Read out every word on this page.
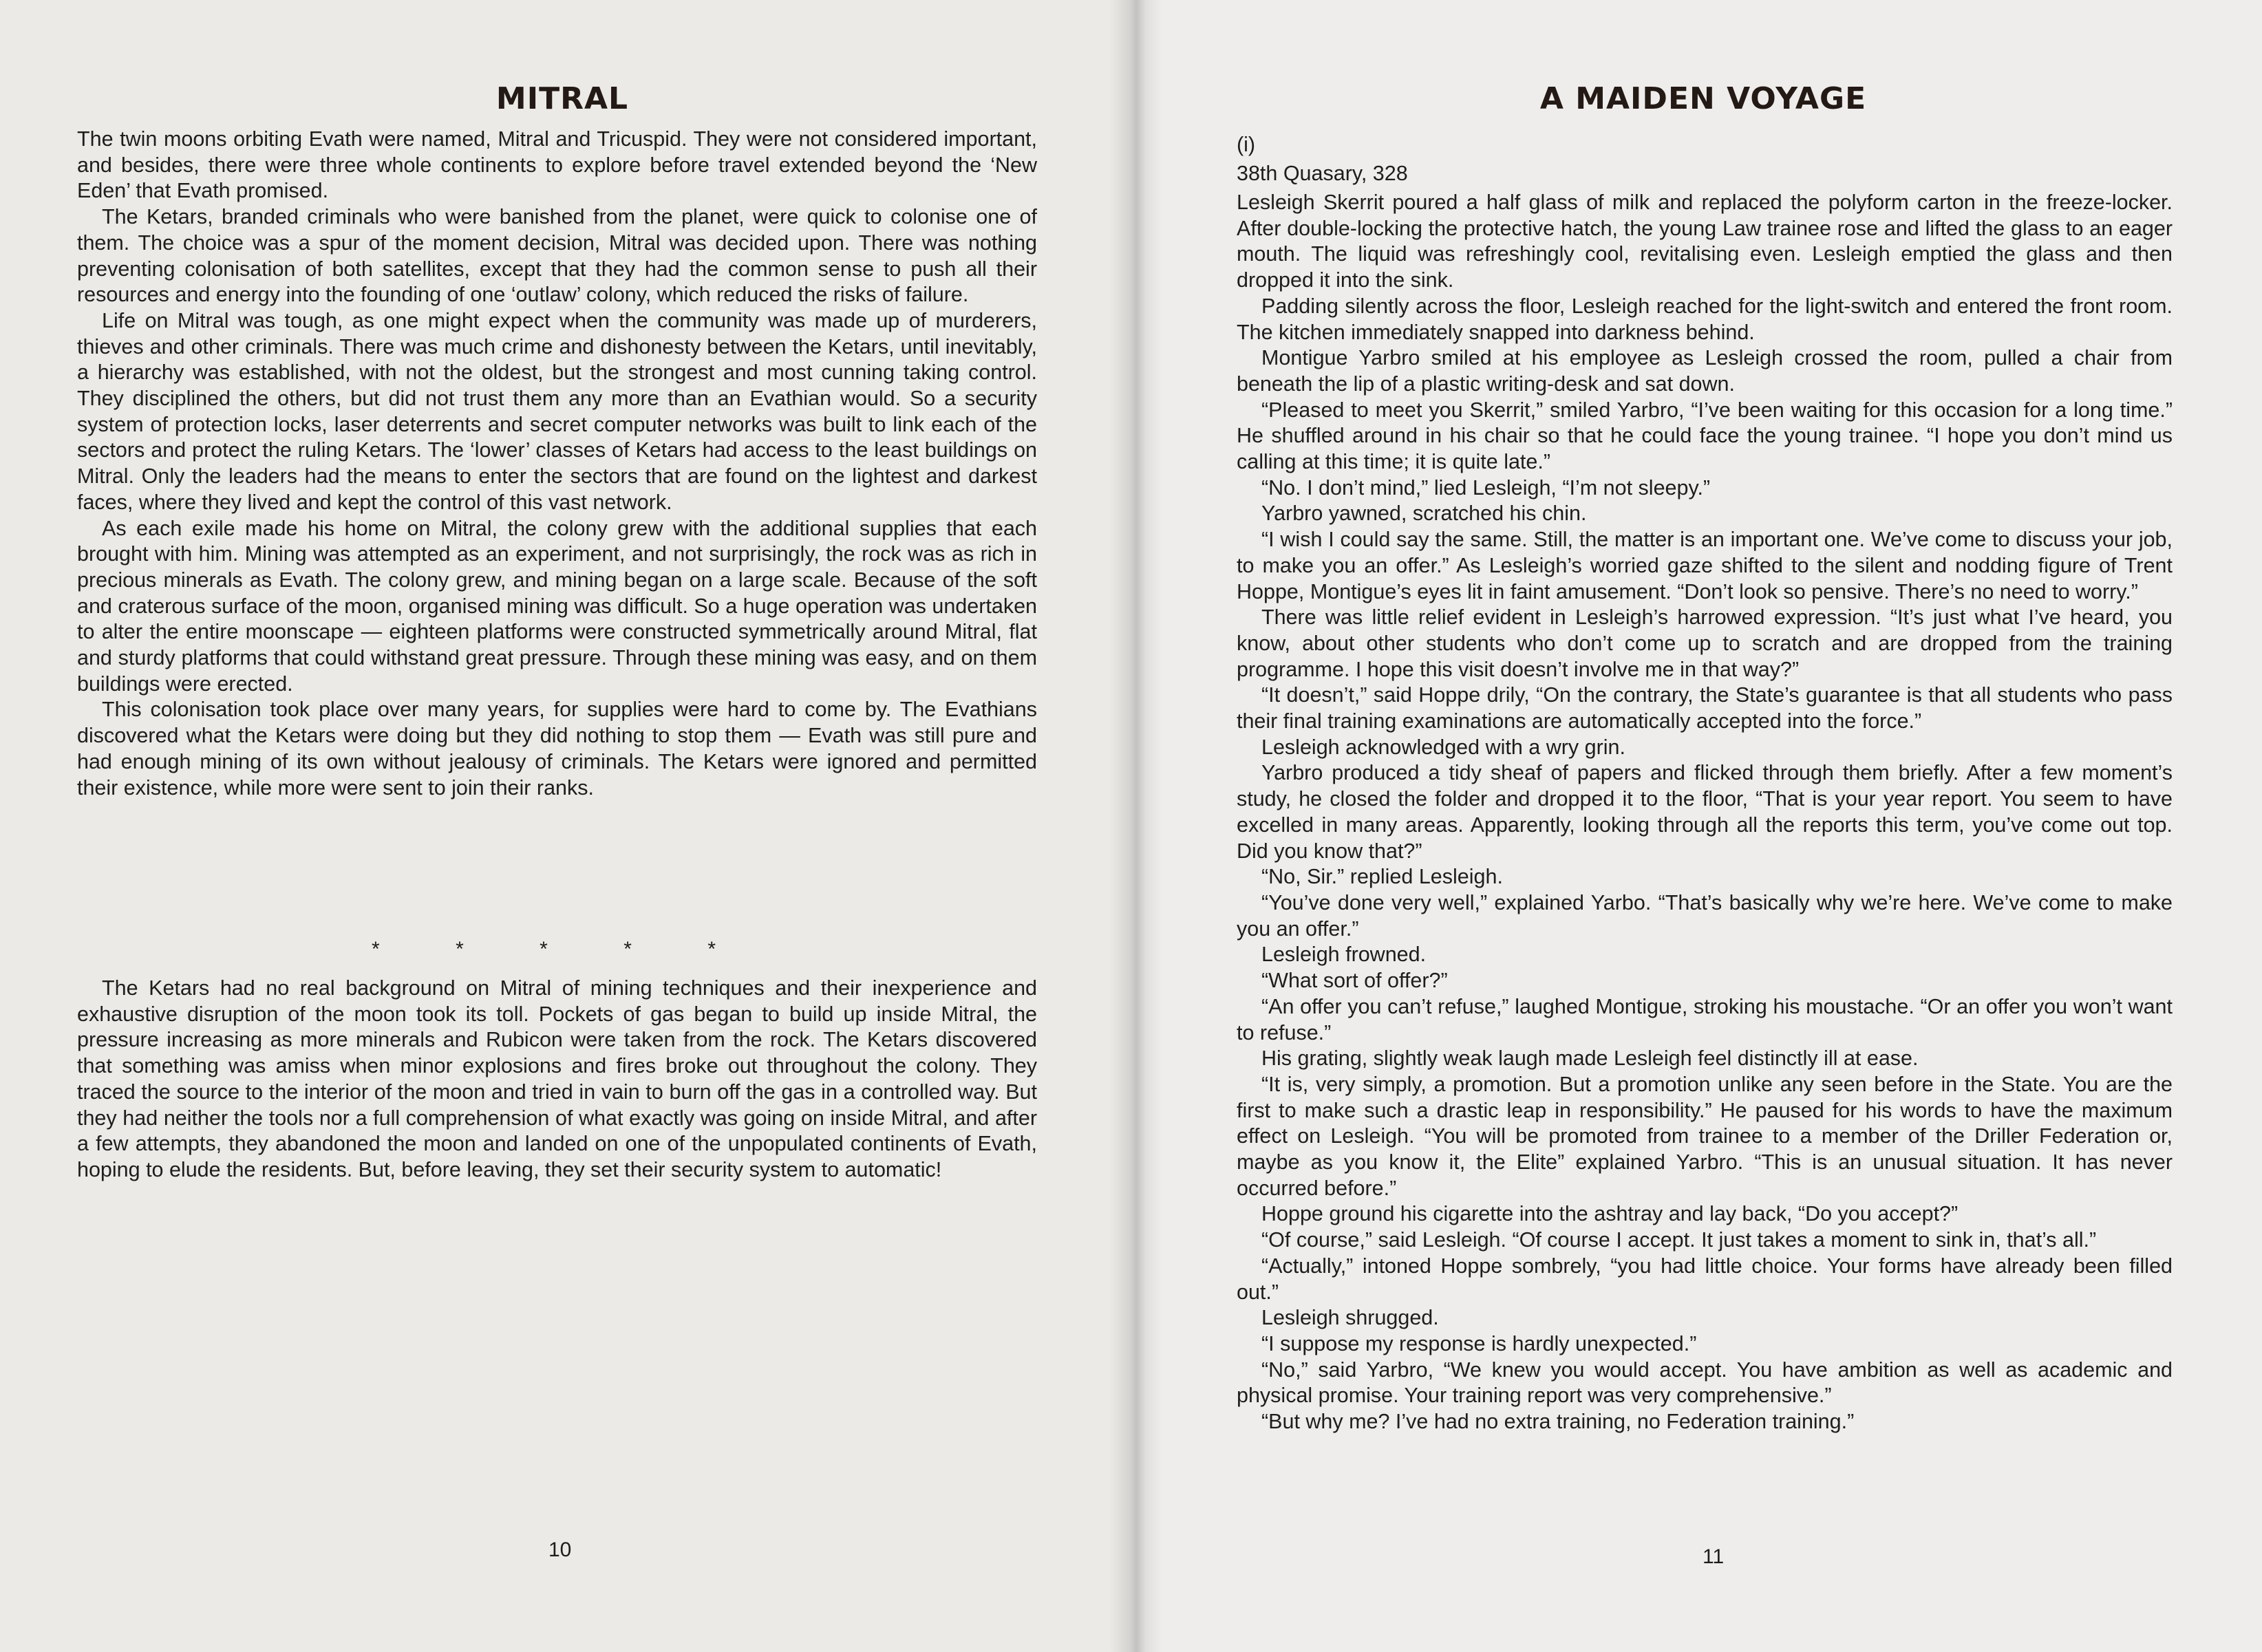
MITRAL

The twin moons orbiting Evath were named, Mitral and Tricuspid. They were not considered important, and besides, there were three whole continents to explore before travel extended beyond the ‘New Eden’ that Evath promised.

The Ketars, branded criminals who were banished from the planet, were quick to colonise one of them. The choice was a spur of the moment decision, Mitral was decided upon. There was nothing preventing colonisation of both satellites, except that they had the common sense to push all their resources and energy into the founding of one ‘outlaw’ colony, which reduced the risks of failure.

Life on Mitral was tough, as one might expect when the community was made up of murderers, thieves and other criminals. There was much crime and dishonesty between the Ketars, until inevitably, a hierarchy was established, with not the oldest, but the strongest and most cunning taking control. They disciplined the others, but did not trust them any more than an Evathian would. So a security system of protection locks, laser deterrents and secret computer networks was built to link each of the sectors and protect the ruling Ketars. The ‘lower’ classes of Ketars had access to the least buildings on Mitral. Only the leaders had the means to enter the sectors that are found on the lightest and darkest faces, where they lived and kept the control of this vast network.

As each exile made his home on Mitral, the colony grew with the additional supplies that each brought with him. Mining was attempted as an experiment, and not surprisingly, the rock was as rich in precious minerals as Evath. The colony grew, and mining began on a large scale. Because of the soft and craterous surface of the moon, organised mining was difficult. So a huge operation was undertaken to alter the entire moonscape — eighteen platforms were constructed symmetrically around Mitral, flat and sturdy platforms that could withstand great pressure. Through these mining was easy, and on them buildings were erected.

This colonisation took place over many years, for supplies were hard to come by. The Evathians discovered what the Ketars were doing but they did nothing to stop them — Evath was still pure and had enough mining of its own without jealousy of criminals. The Ketars were ignored and permitted their existence, while more were sent to join their ranks.

*	*	*	*	*

The Ketars had no real background on Mitral of mining techniques and their inexperience and exhaustive disruption of the moon took its toll. Pockets of gas began to build up inside Mitral, the pressure increasing as more minerals and Rubicon were taken from the rock. The Ketars discovered that something was amiss when minor explosions and fires broke out throughout the colony. They traced the source to the interior of the moon and tried in vain to burn off the gas in a controlled way. But they had neither the tools nor a full comprehension of what exactly was going on inside Mitral, and after a few attempts, they abandoned the moon and landed on one of the unpopulated continents of Evath, hoping to elude the residents. But, before leaving, they set their security system to automatic!

10
A MAIDEN VOYAGE
(i)
38th Quasary, 328

Lesleigh Skerrit poured a half glass of milk and replaced the polyform carton in the freeze-locker. After double-locking the protective hatch, the young Law trainee rose and lifted the glass to an eager mouth. The liquid was refreshingly cool, revitalising even. Lesleigh emptied the glass and then dropped it into the sink.

Padding silently across the floor, Lesleigh reached for the light-switch and entered the front room. The kitchen immediately snapped into darkness behind.

Montigue Yarbro smiled at his employee as Lesleigh crossed the room, pulled a chair from beneath the lip of a plastic writing-desk and sat down.

“Pleased to meet you Skerrit,” smiled Yarbro, “I’ve been waiting for this occasion for a long time.” He shuffled around in his chair so that he could face the young trainee. “I hope you don’t mind us calling at this time; it is quite late.”

“No. I don’t mind,” lied Lesleigh, “I’m not sleepy.”

Yarbro yawned, scratched his chin.

“I wish I could say the same. Still, the matter is an important one. We’ve come to discuss your job, to make you an offer.” As Lesleigh’s worried gaze shifted to the silent and nodding figure of Trent Hoppe, Montigue’s eyes lit in faint amusement. “Don’t look so pensive. There’s no need to worry.”

There was little relief evident in Lesleigh’s harrowed expression. “It’s just what I’ve heard, you know, about other students who don’t come up to scratch and are dropped from the training programme. I hope this visit doesn’t involve me in that way?”

“It doesn’t,” said Hoppe drily, “On the contrary, the State’s guarantee is that all students who pass their final training examinations are automatically accepted into the force.”

Lesleigh acknowledged with a wry grin.

Yarbro produced a tidy sheaf of papers and flicked through them briefly. After a few moment’s study, he closed the folder and dropped it to the floor, “That is your year report. You seem to have excelled in many areas. Apparently, looking through all the reports this term, you’ve come out top. Did you know that?”

“No, Sir.” replied Lesleigh.

“You’ve done very well,” explained Yarbo. “That’s basically why we’re here. We’ve come to make you an offer.”

Lesleigh frowned.

“What sort of offer?”

“An offer you can’t refuse,” laughed Montigue, stroking his moustache. “Or an offer you won’t want to refuse.”

His grating, slightly weak laugh made Lesleigh feel distinctly ill at ease.

“It is, very simply, a promotion. But a promotion unlike any seen before in the State. You are the first to make such a drastic leap in responsibility.” He paused for his words to have the maximum effect on Lesleigh. “You will be promoted from trainee to a member of the Driller Federation or, maybe as you know it, the Elite” explained Yarbro. “This is an unusual situation. It has never occurred before.”

Hoppe ground his cigarette into the ashtray and lay back, “Do you accept?”

“Of course,” said Lesleigh. “Of course I accept. It just takes a moment to sink in, that’s all.”

“Actually,” intoned Hoppe sombrely, “you had little choice. Your forms have already been filled out.”

Lesleigh shrugged.

“I suppose my response is hardly unexpected.”

“No,” said Yarbro, “We knew you would accept. You have ambition as well as academic and physical promise. Your training report was very comprehensive.”

“But why me? I’ve had no extra training, no Federation training.”

11
